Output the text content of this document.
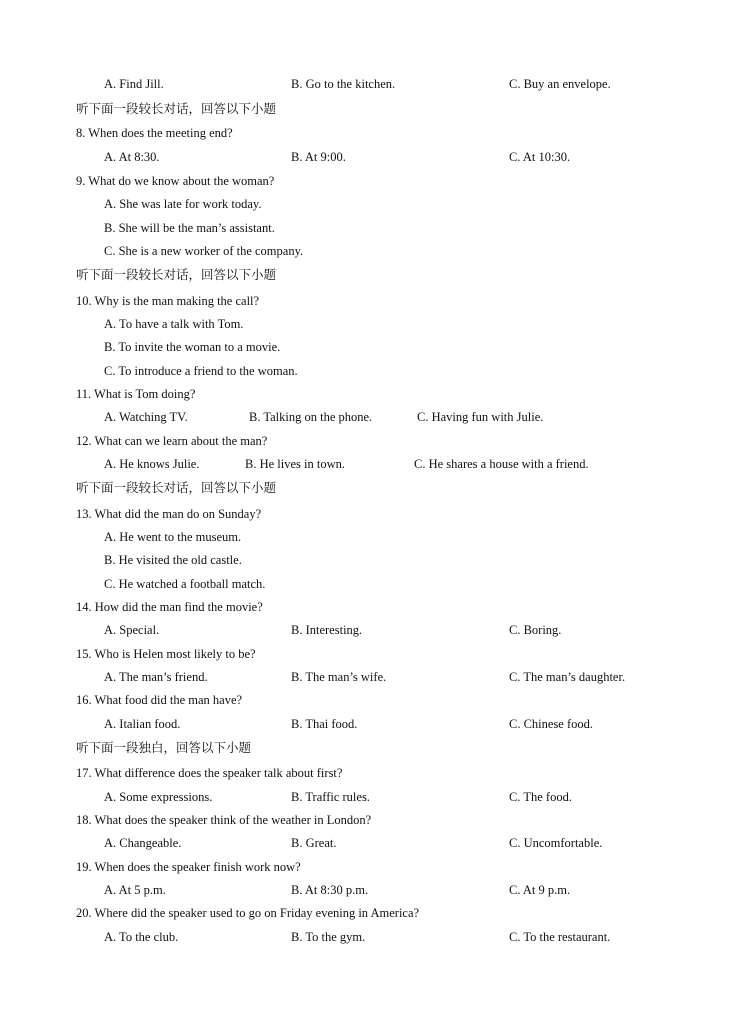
A. Find Jill.	B. Go to the kitchen.	C. Buy an envelope.
听下面一段较长对话，回答以下小题
8. When does the meeting end?
A. At 8:30.	B. At 9:00.	C. At 10:30.
9. What do we know about the woman?
A. She was late for work today.
B. She will be the man’s assistant.
C. She is a new worker of the company.
听下面一段较长对话，回答以下小题
10. Why is the man making the call?
A. To have a talk with Tom.
B. To invite the woman to a movie.
C. To introduce a friend to the woman.
11. What is Tom doing?
A. Watching TV.	B. Talking on the phone.	C. Having fun with Julie.
12. What can we learn about the man?
A. He knows Julie.	B. He lives in town.	C. He shares a house with a friend.
听下面一段较长对话，回答以下小题
13. What did the man do on Sunday?
A. He went to the museum.
B. He visited the old castle.
C. He watched a football match.
14. How did the man find the movie?
A. Special.	B. Interesting.	C. Boring.
15. Who is Helen most likely to be?
A. The man’s friend.	B. The man’s wife.	C. The man’s daughter.
16. What food did the man have?
A. Italian food.	B. Thai food.	C. Chinese food.
听下面一段独白，回答以下小题
17. What difference does the speaker talk about first?
A. Some expressions.	B. Traffic rules.	C. The food.
18. What does the speaker think of the weather in London?
A. Changeable.	B. Great.	C. Uncomfortable.
19. When does the speaker finish work now?
A. At 5 p.m.	B. At 8:30 p.m.	C. At 9 p.m.
20. Where did the speaker used to go on Friday evening in America?
A. To the club.	B. To the gym.	C. To the restaurant.
